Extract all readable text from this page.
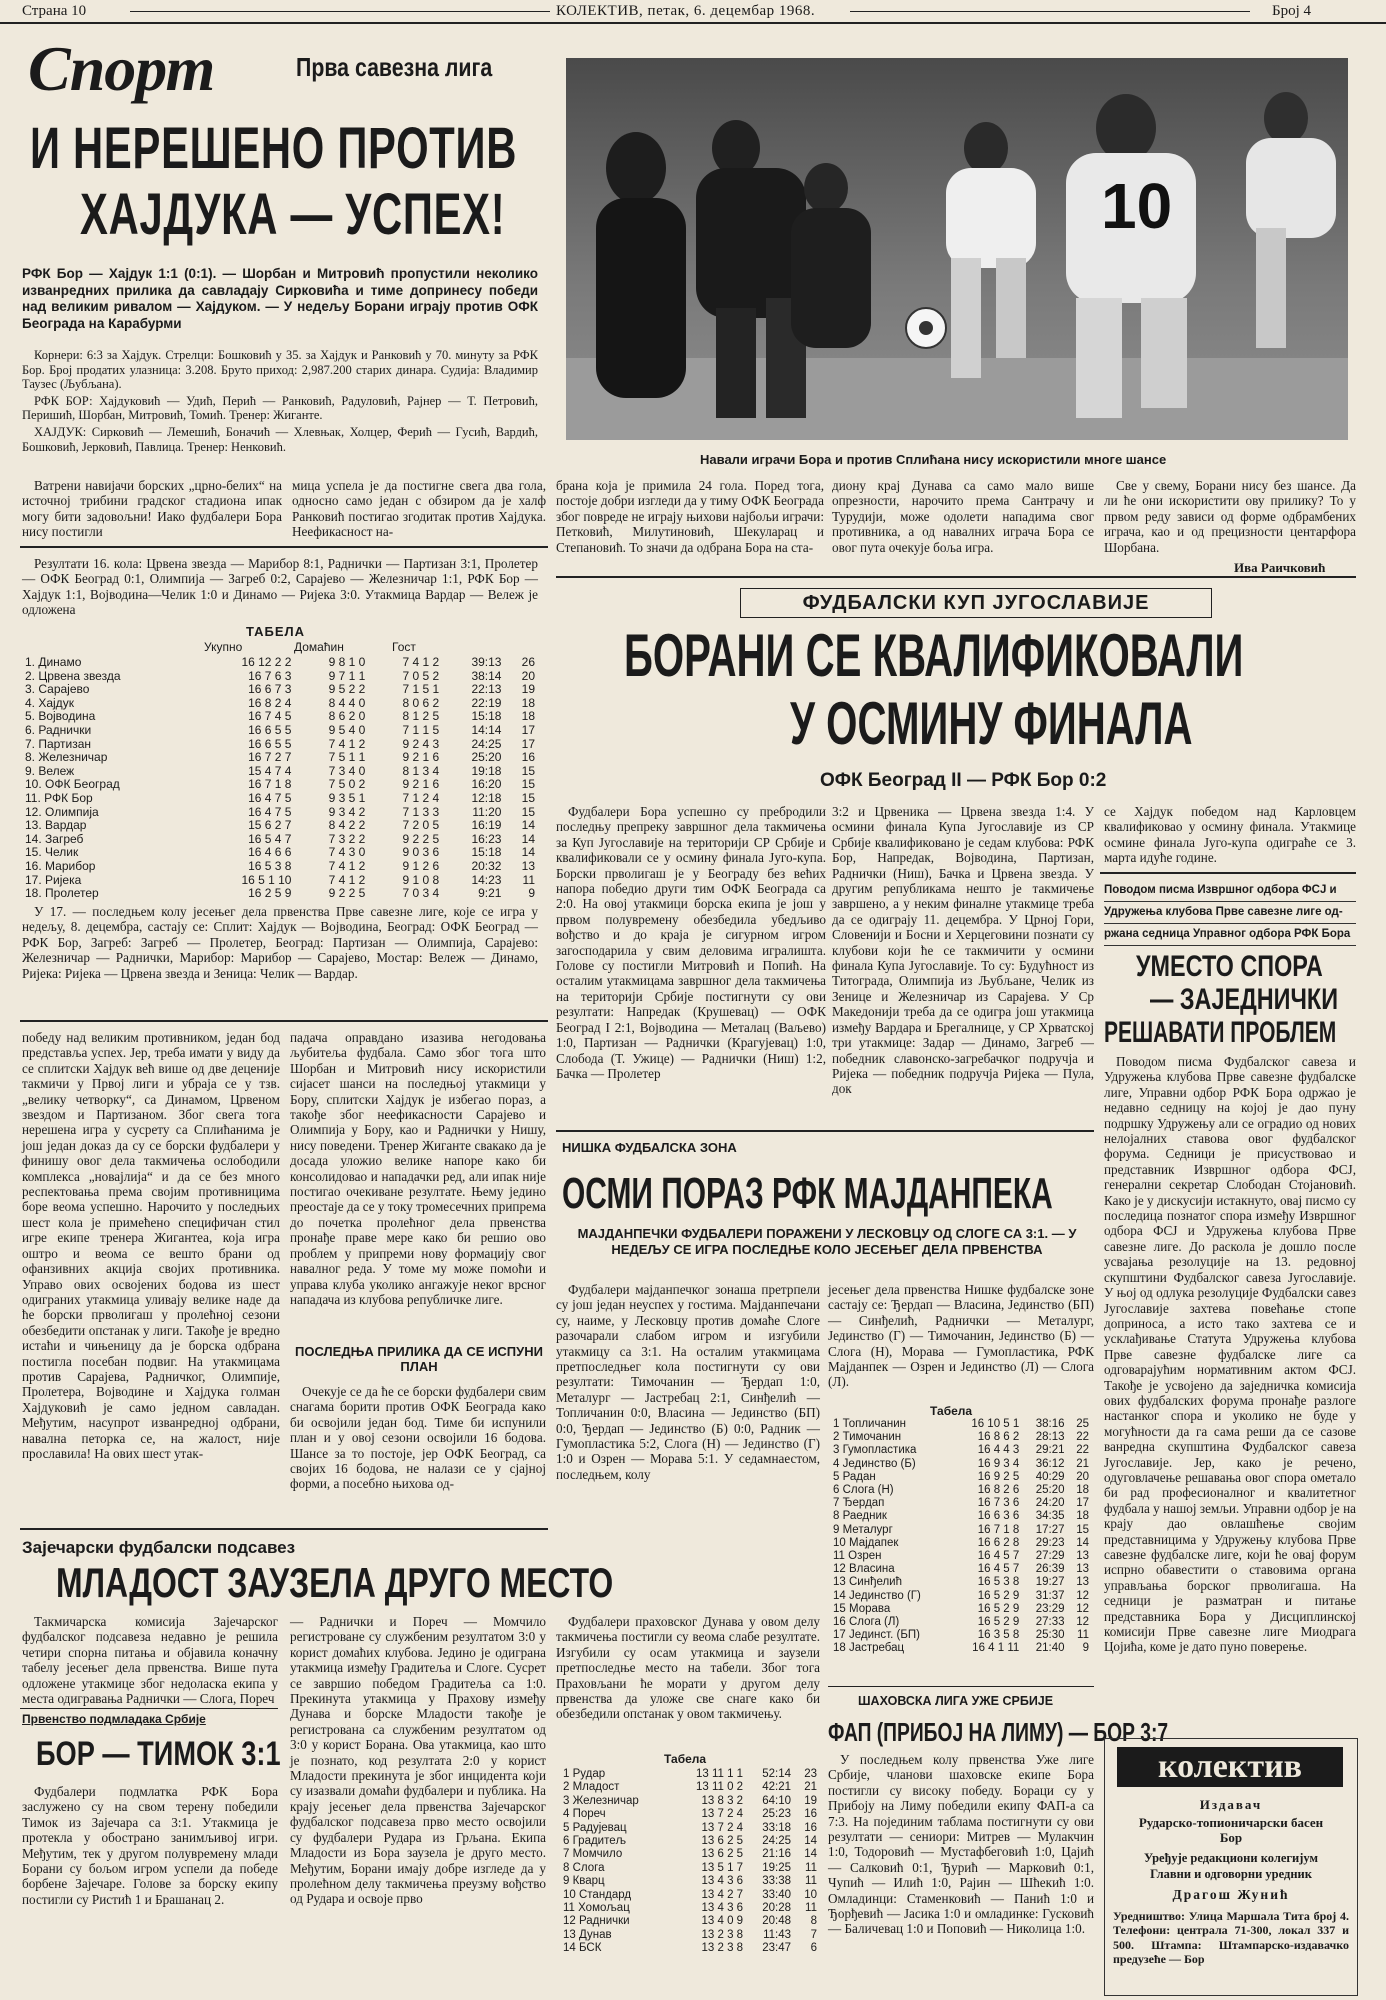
Страна 10	КОЛЕКТИВ, петак, 6. децембар 1968.	Број 4
Спорт	Прва савезна лига
И НЕРЕШЕНО ПРОТИВ
ХАЈДУКА — УСПЕХ!
РФК Бор — Хајдук 1:1 (0:1). — Шорбан и Митровић пропустили неколико изванредних прилика да савладају Сирковића и тиме допринесу победи над великим ривалом — Хајдуком. — У недељу Борани играју против ОФК Београда на Карабурми

Корнери: 6:3 за Хајдук. Стрелци: Бошковић у 35. за Хајдук и Ранковић у 70. минуту за РФК Бор. Број продатих улазница: 3.208. Бруто приход: 2,987.200 старих динара. Судија: Владимир Таузес (Љубљана).

РФК БОР: Хајдуковић — Удић, Перић — Ранковић, Радуловић, Рајнер — Т. Петровић, Перишић, Шорбан, Митровић, Томић. Тренер: Жигантe.

ХАЈДУК: Сирковић — Лемешић, Боначић — Хлевњак, Холцер, Ферић — Гусић, Вардић, Бошковић, Јерковић, Павлица. Тренер: Ненковић.

Ватрени навијачи борских „црно-белих“ на источној трибини градског стадиона ипак могу бити задовољни! Иако фудбалери Бора нису постигли

мица успела је да постигне свега два гола, односно само један с обзиром да је халф Ранковић постигао згодитак против Хајдука. Неефикасност на-

10
Навали играчи Бора и против Сплићана нису искористили многе шансе

брана која је примила 24 гола. Поред тога, постоје добри изгледи да у тиму ОФК Београда због повреде не играју њихови најбољи играчи: Петковић, Милутиновић, Шекуларац и Степановић. То значи да одбрана Бора на ста-

диону крај Дунава са само мало више опрезности, нарочито према Сантрачу и Турудији, може одолети нападима свог противника, а од навалних играча Бора се овог пута очекује боља игра.

Све у свему, Борани нису без шансе. Да ли ће они искористити ову прилику? То у првом реду зависи од форме одбрамбених играча, као и од прецизности центарфора Шорбана.

Ива Рaичковић

Резултати 16. кола: Црвена звезда — Марибор 8:1, Раднички — Партизан 3:1, Пролетер — ОФК Београд 0:1, Олимпија — Загреб 0:2, Сарајево — Железничар 1:1, РФК Бор — Хајдук 1:1, Војводина—Челик 1:0 и Динамо — Ријека 3:0. Утакмица Вардар — Вележ је одложена

ТАБЕЛА
Укупно	Домаћин	Гост
1. Динамо	16 12 2 2	9 8 1 0	7 4 1 2	39:13	26
2. Црвена звезда	16 7 6 3	9 7 1 1	7 0 5 2	38:14	20
3. Сарајево	16 6 7 3	9 5 2 2	7 1 5 1	22:13	19
4. Хајдук	16 8 2 4	8 4 4 0	8 0 6 2	22:19	18
5. Војводина	16 7 4 5	8 6 2 0	8 1 2 5	15:18	18
6. Раднички	16 6 5 5	9 5 4 0	7 1 1 5	14:14	17
7. Партизан	16 6 5 5	7 4 1 2	9 2 4 3	24:25	17
8. Железничар	16 7 2 7	7 5 1 1	9 2 1 6	25:20	16
9. Вележ	15 4 7 4	7 3 4 0	8 1 3 4	19:18	15
10. ОФК Београд	16 7 1 8	7 5 0 2	9 2 1 6	16:20	15
11. РФК Бор	16 4 7 5	9 3 5 1	7 1 2 4	12:18	15
12. Олимпија	16 4 7 5	9 3 4 2	7 1 3 3	11:20	15
13. Вардар	15 6 2 7	8 4 2 2	7 2 0 5	16:19	14
14. Загреб	16 5 4 7	7 3 2 2	9 2 2 5	16:23	14
15. Челик	16 4 6 6	7 4 3 0	9 0 3 6	15:18	14
16. Марибор	16 5 3 8	7 4 1 2	9 1 2 6	20:32	13
17. Ријека	16 5 1 10	7 4 1 2	9 1 0 8	14:23	11
18. Пролетер	16 2 5 9	9 2 2 5	7 0 3 4	9:21	9

У 17. — последњем колу јесењег дела првенства Прве савезне лиге, које се игра у недељу, 8. децембра, састају се: Сплит: Хајдук — Војводина, Београд: ОФК Београд — РФК Бор, Загреб: Загреб — Пролетер, Београд: Партизан — Олимпија, Сарајево: Железничар — Раднички, Марибор: Марибор — Сарајево, Мостар: Вележ — Динамо, Ријека: Ријека — Црвена звезда и Зеница: Челик — Вардар.

победу над великим противником, један бод представља успех. Јер, треба имати у виду да се сплитски Хајдук већ више од две деценије такмичи у Првој лиги и убраја се у тзв. „велику четворку“, са Динамом, Црвеном звездом и Партизаном. Због свега тога нерешена игра у сусрету са Сплићанима је још један доказ да су се борски фудбалери у финишу овог дела такмичења ослободили комплекса „новајлија“ и да се без много респектовања према својим противницима боре веома успешно. Нарочито у последњих шест кола је примећено специфичан стил игре екипе тренера Жигантеа, која игра оштро и веома се вешто брани од офанзивних акција својих противника. Управо ових освојених бодова из шест одиграних утакмица уливају велике наде да ће борски прволигаш у пролећној сезони обезбедити опстанак у лиги. Такође је вредно истаћи и чињеницу да је борска одбрана постигла посебан подвиг. На утакмицама против Сарајева, Радничког, Олимпије, Пролетера, Војводине и Хајдука голман Хајдуковић је само једном савладан. Међутим, насупрот изванредној одбрани, навална петорка се, на жалост, није прославила! На ових шест утак-

падача оправдано изазива негодовања љубитеља фудбала. Само због тога што Шорбан и Митровић нису искористили сијасет шанси на последњој утакмици у Бору, сплитски Хајдук је избегао пораз, а такође због неефикасности Сарајево и Олимпија у Бору, као и Раднички у Нишу, нису поведени. Тренер Жиганте свакако да је досада уложио велике напоре како би консолидовао и нападачки ред, али ипак није постигао очекиване резултате. Њему једино преостаје да се у току тромесечних припрема до почетка пролећног дела првенства пронађе праве мере како би решио ово проблем у припреми нову формацију свог навалног реда. У томе му може помоћи и управа клуба уколико ангажује неког врсног нападача из клубова републичке лиге.

ПОСЛЕДЊА ПРИЛИКА ДА СЕ ИСПУНИ ПЛАН

Очекује се да ће се борски фудбалери свим снагама борити против ОФК Београда како би освојили један бод. Тиме би испунили план и у овој сезони освојили 16 бодова. Шансе за то постоје, јер ОФК Београд, са својих 16 бодова, не налази се у сјајној форми, а посебно њихова од-

ФУДБАЛСКИ КУП ЈУГОСЛАВИЈЕ
БОРАНИ СЕ КВАЛИФИКОВАЛИ
У ОСМИНУ ФИНАЛА
ОФК Београд II — РФК Бор 0:2

Фудбалери Бора успешно су пребродили последњу препреку завршног дела такмичења за Куп Југославије на територији СР Србије и квалификовали се у осмину финала Југо-купа. Борски прволигаш је у Београду без већих напора победио други тим ОФК Београда са 2:0. На овој утакмици борска екипа је још у првом полувремену обезбедила убедљиво вођство и до краја је сигурном игром загосподарила у свим деловима игралишта. Голове су постигли Митровић и Попић. На осталим утакмицама завршног дела такмичења на територији Србије постигнути су ови резултати: Напредак (Крушевац) — ОФК Београд I 2:1, Војводина — Металац (Ваљево) 1:0, Партизан — Раднички (Крагујевац) 1:0, Слобода (Т. Ужице) — Раднички (Ниш) 1:2, Бачка — Пролетер

3:2 и Црвеника — Црвена звезда 1:4. У осмини финала Купа Југославије из СР Србије квалификовано је седам клубова: РФК Бор, Напредак, Војводина, Партизан, Раднички (Ниш), Бачка и Црвена звезда. У другим републикама нешто је такмичење завршено, а у неким финалне утакмице треба да се одиграју 11. децембра. У Црној Гори, Словенији и Босни и Херцеговини познати су клубови који ће се такмичити у осмини финала Купа Југославије. То су: Будућност из Титограда, Олимпија из Љубљане, Челик из Зенице и Железничар из Сарајева. У Ср Македонији треба да се одигра још утакмица између Вардара и Брегалнице, у СР Хрватској три утакмице: Задар — Динамо, Загреб — победник славонско-загребачког подручја и Ријека — победник подручја Ријека — Пула, док

се Хајдук победом над Карловцем квалификовао у осмину финала. Утакмице осмине финала Југо-купа одиграће се 3. марта идуће године.

Поводом писма Извршног одбора ФСЈ и
Удружења клубова Прве савезне лиге од-
ржана седница Управног одбора РФК Бора
УМЕСТО СПОРА
— ЗАЈЕДНИЧКИ
РЕШАВАТИ ПРОБЛЕМ

Поводом писма Фудбалског савеза и Удружења клубова Прве савезне фудбалске лиге, Управни одбор РФК Бора одржао је недавно седницу на којој је дао пуну подршку Удружењу али се оградио од нових нелојалних ставова овог фудбалског форума. Седници је присуствовао и представник Извршног одбора ФСЈ, генерални секретар Слободан Стојановић. Како је у дискусији истакнуто, овај писмо су последица познатог спора између Извршног одбора ФСЈ и Удружења клубова Прве савезне лиге. До раскола је дошло после усвајања резолуције на 13. редовној скупштини Фудбалског савеза Југославије. У њој од одлука резолуције Фудбалски савез Југославије захтева повећање стопе доприноса, а исто тако захтева се и усклађивање Статута Удружења клубова Прве савезне фудбалске лиге са одговарајућим нормативним актом ФСЈ. Такође је усвојено да заједничка комисија ових фудбалских форума пронађе разлоге настанког спора и уколико не буде у могућности да га сама реши да се сазове ванредна скупштина Фудбалског савеза Југославије. Јер, како је речено, одуговлачење решавања овог спора ометало би рад професионалног и квалитетног фудбала у нашој земљи. Управни одбор је на крају дао овлашћење својим представницима у Удружењу клубова Прве савезне фудбалске лиге, који ће овај форум испрно обавестити о ставовима органа управљања борског прволигаша. На седници је разматран и питање представника Бора у Дисциплинској комисији Прве савезне лиге Миодрага Цојића, коме је дато пуно поверење.

НИШКА ФУДБАЛСКА ЗОНА
ОСМИ ПОРАЗ РФК МАЈДАНПЕКА
МАЈДАНПЕЧКИ ФУДБАЛЕРИ ПОРАЖЕНИ У ЛЕСКОВЦУ ОД СЛОГЕ СА 3:1. — У НЕДЕЉУ СЕ ИГРА ПОСЛЕДЊЕ КОЛО ЈЕСЕЊЕГ ДЕЛА ПРВЕНСТВА

Фудбалери мајданпечког зонаша претрпели су још један неуспех у гостима. Мајданпечани су, наиме, у Лесковцу против домаће Слоге разочарали слабом игром и изгубили утакмицу са 3:1. На осталим утакмицама претпоследњег кола постигнути су ови резултати: Тимочанин — Ђердап 1:0, Металург — Јастребац 2:1, Синђелић — Топличанин 0:0, Власина — Јединство (БП) 0:0, Ђердап — Јединство (Б) 0:0, Радник — Гумопластика 5:2, Слога (Н) — Јединство (Г) 1:0 и Озрен — Морава 5:1. У седамнаестом, последњем, колу

јесењег дела првенства Нишке фудбалске зоне састају се: Ђердап — Власина, Јединство (БП) — Синђелић, Раднички — Металург, Јединство (Г) — Тимочанин, Јединство (Б) — Слога (Н), Морава — Гумопластика, РФК Мајданпек — Озрен и Јединство (Л) — Слога (Л).

Табела
1 Топличанин	16 10 5 1	38:16	25
2 Тимочанин	16 8 6 2	28:13	22
3 Гумопластика	16 4 4 3	29:21	22
4 Јединство (Б)	16 9 3 4	36:12	21
5 Радан	16 9 2 5	40:29	20
6 Слога (Н)	16 8 2 6	25:20	18
7 Ђердап	16 7 3 6	24:20	17
8 Раедник	16 6 3 6	34:35	18
9 Металург	16 7 1 8	17:27	15
10 Мајдапек	16 6 2 8	29:23	14
11 Озрен	16 4 5 7	27:29	13
12 Власина	16 4 5 7	26:39	13
13 Синђелић	16 5 3 8	19:27	13
14 Јединство (Г)	16 5 2 9	31:37	12
15 Морава	16 5 2 9	23:29	12
16 Слога (Л)	16 5 2 9	27:33	12
17 Јединст. (БП)	16 3 5 8	25:30	11
18 Јастребац	16 4 1 11	21:40	9
Зајечарски фудбалски подсавез
МЛАДОСТ ЗАУЗЕЛА ДРУГО МЕСТО

Такмичарска комисија Зајечарског фудбалског подсавеза недавно је решила четири спорна питања и објавила коначну табелу јесењег дела првенства. Више пута одложене утакмице због недоласка екипа у места одигравања Раднички — Слога, Пореч

— Раднички и Пореч — Момчило регистроване су службеним резултатом 3:0 у корист домаћих клубова. Једино је одиграна утакмица између Градитеља и Слоге. Сусрет се завршио победом Градитеља са 1:0. Прекинута утакмица у Прахову између Дунава и борске Младости такође је регистрована са службеним резултатом од 3:0 у корист Борана. Ова утакмица, као што је познато, код резултата 2:0 у корист Младости прекинута је због инцидента који су изазвали домаћи фудбалери и публика. На крају јесењег дела првенства Зајечарског фудбалског подсавеза прво место освојили су фудбалери Рудара из Грљана. Екипа Младости из Бора заузела је друго место. Међутим, Борани имају добре изгледе да у пролећном делу такмичења преузму вођство од Рудара и освоје прво

Фудбалери праховског Дунава у овом делу такмичења постигли су веома слабе резултате. Изгубили су осам утакмица и заузели претпоследње место на табели. Због тога Праховљани ће морати у другом делу првенства да уложе све снаге како би обезбедили опстанак у овом такмичењу.

Табела
1 Рудар	13 11 1 1	52:14	23
2 Младост	13 11 0 2	42:21	21
3 Железничар	13 8 3 2	64:10	19
4 Пореч	13 7 2 4	25:23	16
5 Радујевац	13 7 2 4	33:18	16
6 Градитељ	13 6 2 5	24:25	14
7 Момчило	13 6 2 5	21:16	14
8 Слога	13 5 1 7	19:25	11
9 Кварц	13 4 3 6	33:38	11
10 Стандард	13 4 2 7	33:40	10
11 Хомољац	13 4 3 6	20:28	11
12 Раднички	13 4 0 9	20:48	8
13 Дунав	13 2 3 8	11:43	7
14 БСК	13 2 3 8	23:47	6
Првенство подмладака Србије
БОР — ТИМОК 3:1

Фудбалери подмлатка РФК Бора заслужено су на свом терену победили Тимок из Зајечара са 3:1. Утакмица је протекла у обострано занимљивој игри. Међутим, тек у другом полувремену млади Борани су бољом игром успели да победе борбене Зајечаре. Голове за борску екипу постигли су Ристић 1 и Брашанац 2.

ШАХОВСКА ЛИГА УЖЕ СРБИЈЕ
ФАП (ПРИБОЈ НА ЛИМУ) — БОР 3:7

У последњем колу првенства Уже лиге Србије, чланови шаховске екипе Бора постигли су високу победу. Бораци су у Прибоју на Лиму победили екипу ФАП-а са 7:3. На појединим таблама постигнути су ови резултати — сениори: Митрев — Мулакчин 1:0, Тодоровић — Мустафбеговић 1:0, Цајић — Салковић 0:1, Ђурић — Марковић 0:1, Чупић — Илић 1:0, Рајин — Шћекић 1:0. Омладинци: Стаменковић — Панић 1:0 и Ђорђевић — Јасика 1:0 и омладинке: Гусковић — Баличевац 1:0 и Поповић — Николица 1:0.

колектив
Издавач
Рударско-топионичарски басен Бор
Уређује редакциони колегијум
Главни и одговорни уредник
Драгош Жунић
Уредништво: Улица Маршала Тита број 4. Телефони: централа 71-300, локал 337 и 500. Штампа: Штампарско-издавачко предузеће — Бор
